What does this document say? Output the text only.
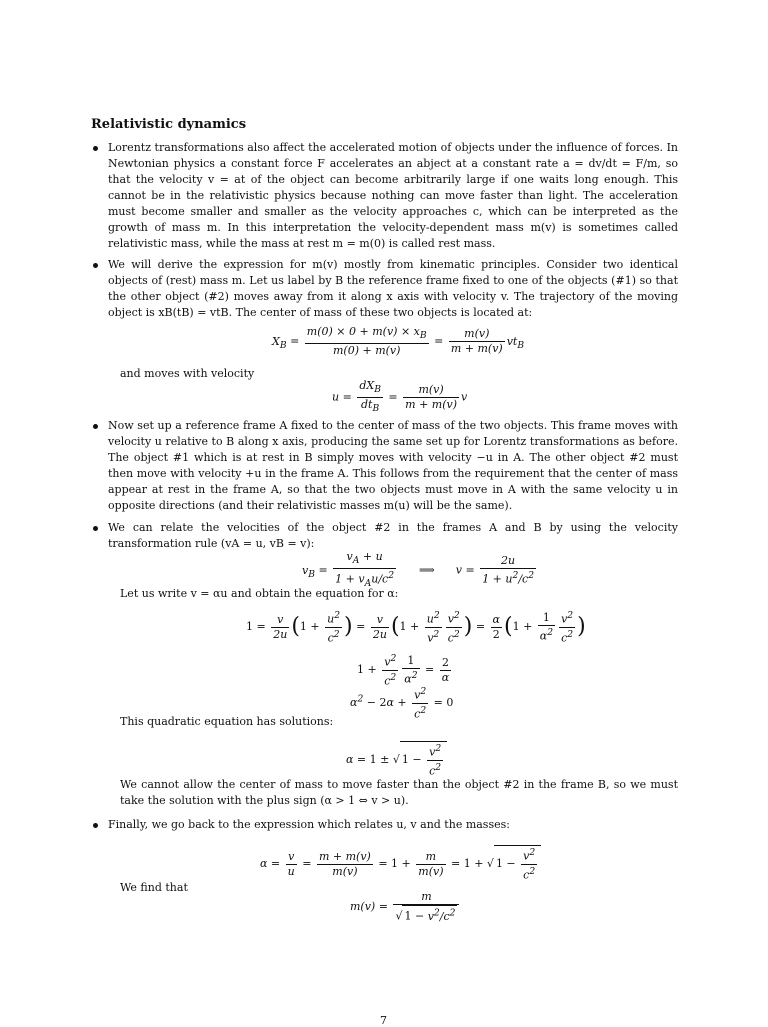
Relativistic dynamics

Lorentz transformations also affect the accelerated motion of objects under the influence of forces. In Newtonian physics a constant force F accelerates an abject at a constant rate a = dv/dt = F/m, so that the velocity v = at of the object can become arbitrarily large if one waits long enough. This cannot be in the relativistic physics because nothing can move faster than light. The acceleration must become smaller and smaller as the velocity approaches c, which can be interpreted as the growth of mass m. In this interpretation the velocity-dependent mass m(v) is sometimes called relativistic mass, while the mass at rest m = m(0) is called rest mass.

We will derive the expression for m(v) mostly from kinematic principles. Consider two identical objects of (rest) mass m. Let us label by B the reference frame fixed to one of the objects (#1) so that the other object (#2) moves away from it along x axis with velocity v. The trajectory of the moving object is xB(tB) = vtB. The center of mass of these two objects is located at:

$X_B = \frac{m(0) \times 0 + m(v) \times x_B}{m(0) + m(v)} = \frac{m(v)}{m + m(v)} vt_B$
and moves with velocity
$u = \frac{dX_B}{dt_B} = \frac{m(v)}{m + m(v)}$ v

Now set up a reference frame A fixed to the center of mass of the two objects. This frame moves with velocity u relative to B along x axis, producing the same set up for Lorentz transformations as before. The object #1 which is at rest in B simply moves with velocity −u in A. The other object #2 must then move with velocity +u in the frame A. This follows from the requirement that the center of mass appear at rest in the frame A, so that the two objects must move in A with the same velocity u in opposite directions (and their relativistic masses m(u) will be the same).

We can relate the velocities of the object #2 in the frames A and B by using the velocity transformation rule (vA = u, vB = v):

$v_B = \frac{v_A + u}{1 + v_Au/c^2}$ ⟹      $v = \frac{2u}{1 + u^2/c^2}$
Let us write v = αu and obtain the equation for α:
$1 = \frac{v}{2u} (1 + \frac{u^2}{c^2}$ ) = $\frac{v}{2u} (1 + \frac{u^2}{v^2} \frac{v^2}{c^2}$ ) = $\frac{\alpha}{2} (1 + \frac{1}{\alpha^2} \frac{v^2}{c^2}$ )
$1 + \frac{v^2}{c^2} \frac{1}{\alpha^2} = \frac{2}{\alpha}$
$\alpha^2 - 2\alpha + \frac{v^2}{c^2} = 0$
This quadratic equation has solutions:
α = 1 ± √ $1 - \frac{v^2}{c^2}$
We cannot allow the center of mass to move faster than the object #2 in the frame B, so we must take the solution with the plus sign (α > 1 ⇔ v > u).

Finally, we go back to the expression which relates u, v and the masses:

$\alpha = \frac{v}{u} = \frac{m + m(v)}{m(v)} = 1 + \frac{m}{m(v)} = 1$ + √ $1 - \frac{v^2}{c^2}$
We find that
$m(v) = \frac{m}{√ 1 - v^2/c^2}$
7
